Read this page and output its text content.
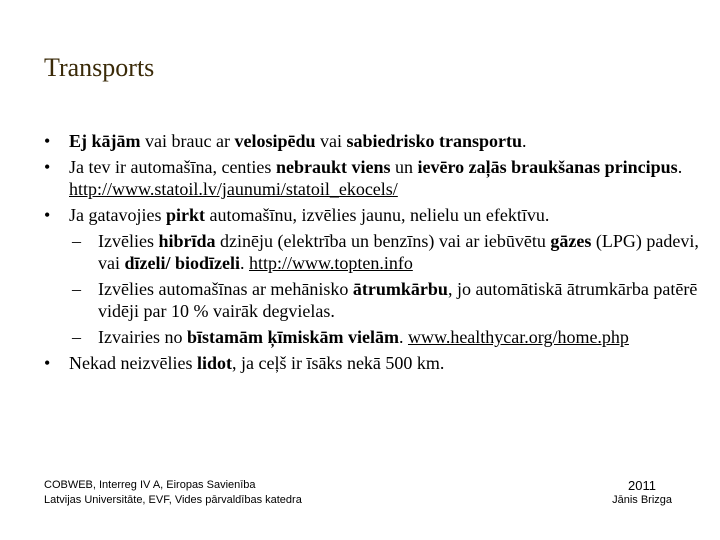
Transports
• Ej kājām vai brauc ar velosipēdu vai sabiedrisko transportu.
• Ja tev ir automašīna, centies nebraukt viens un ievēro zaļās braukšanas principus. http://www.statoil.lv/jaunumi/statoil_ekocels/
• Ja gatavojies pirkt automašīnu, izvēlies jaunu, nelielu un efektīvu.
– Izvēlies hibrīda dzinēju (elektrība un benzīns) vai ar iebūvētu gāzes (LPG) padevi, vai dīzeli/ biodīzeli. http://www.topten.info
– Izvēlies automašīnas ar mehānisko ātrumkārbu, jo automātiskā ātrumkārba patērē vidēji par 10 % vairāk degvielas.
– Izvairies no bīstamām ķīmiskām vielām. www.healthycar.org/home.php
• Nekad neizvēlies lidot, ja ceļš ir īsāks nekā 500 km.
COBWEB, Interreg IV A, Eiropas Savienība
Latvijas Universitāte, EVF, Vides pārvaldības katedra
2011
Jānis Brizga
